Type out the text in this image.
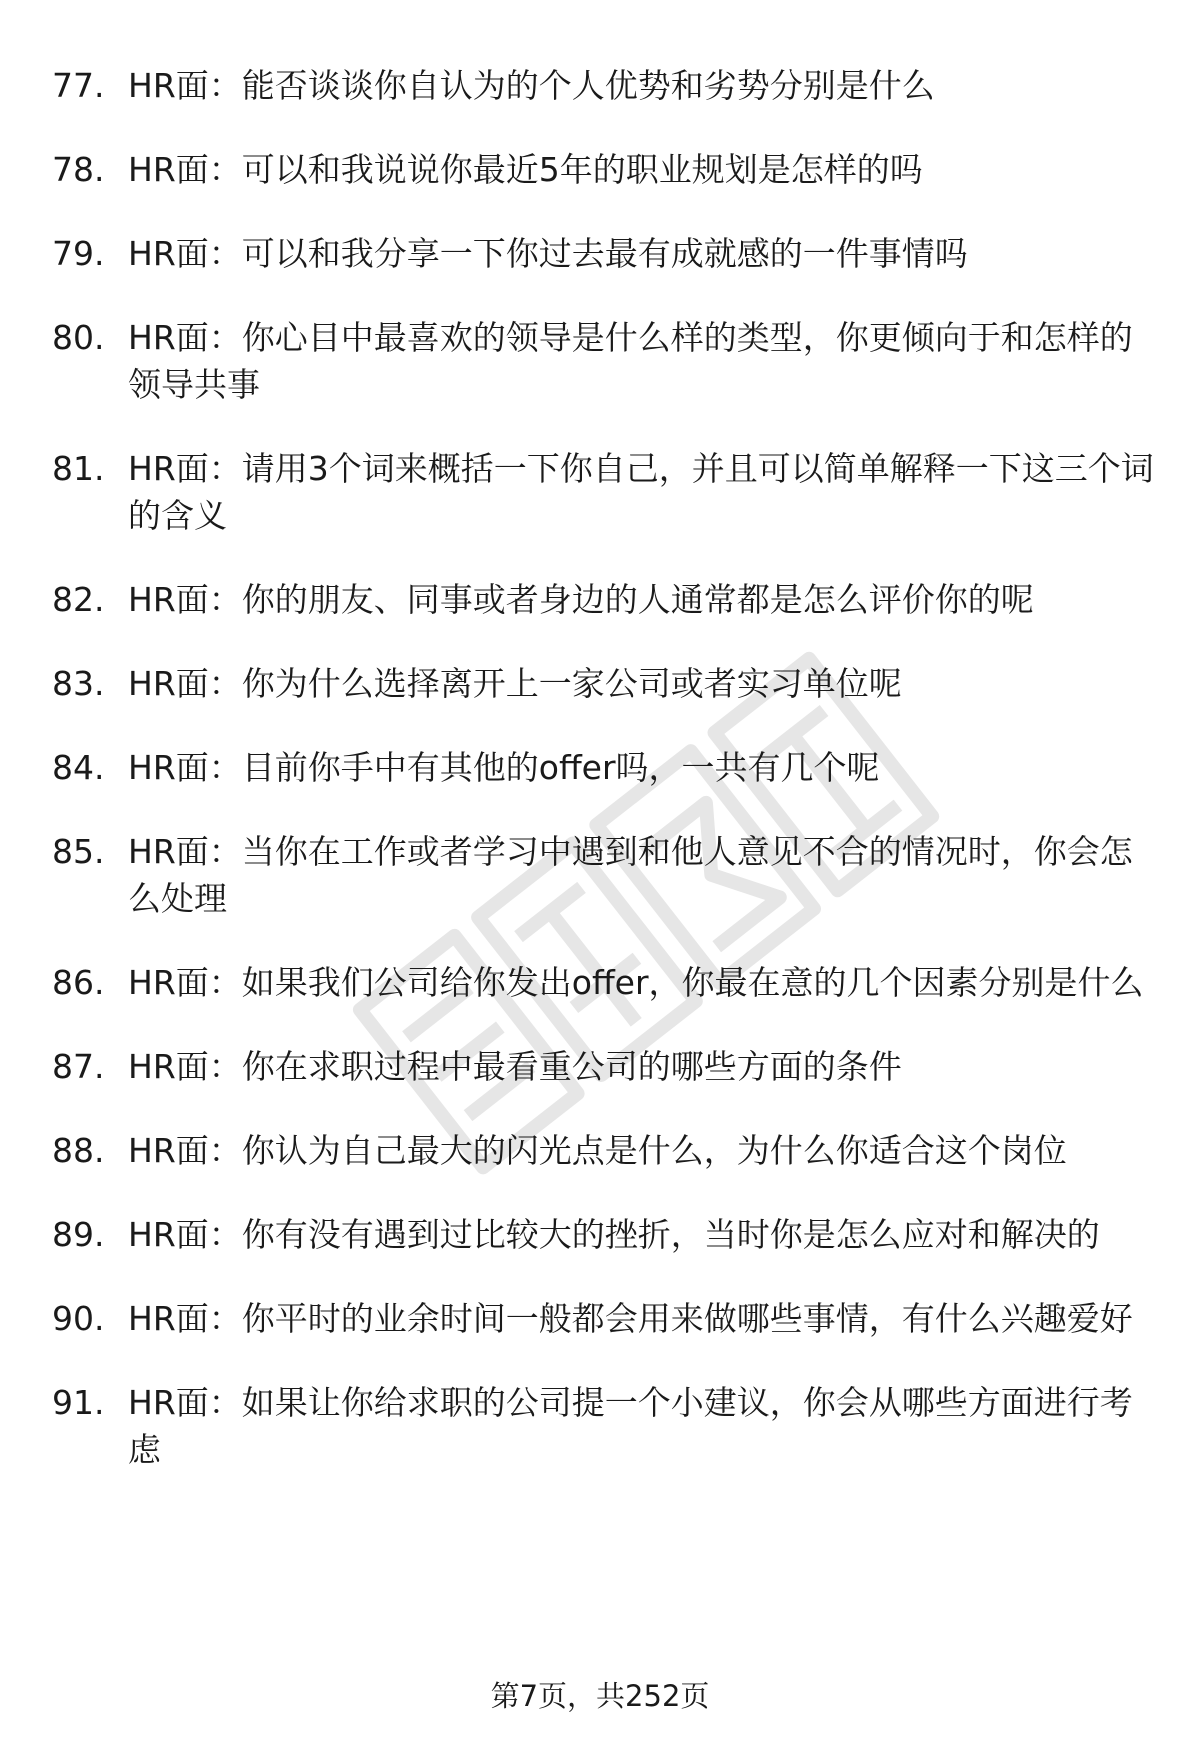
77. HR面：能否谈谈你自认为的个人优势和劣势分别是什么
78. HR面：可以和我说说你最近5年的职业规划是怎样的吗
79. HR面：可以和我分享一下你过去最有成就感的一件事情吗
80. HR面：你心目中最喜欢的领导是什么样的类型，你更倾向于和怎样的领导共事
81. HR面：请用3个词来概括一下你自己，并且可以简单解释一下这三个词的含义
82. HR面：你的朋友、同事或者身边的人通常都是怎么评价你的呢
83. HR面：你为什么选择离开上一家公司或者实习单位呢
84. HR面：目前你手中有其他的offer吗，一共有几个呢
85. HR面：当你在工作或者学习中遇到和他人意见不合的情况时，你会怎么处理
86. HR面：如果我们公司给你发出offer，你最在意的几个因素分别是什么
87. HR面：你在求职过程中最看重公司的哪些方面的条件
88. HR面：你认为自己最大的闪光点是什么，为什么你适合这个岗位
89. HR面：你有没有遇到过比较大的挫折，当时你是怎么应对和解决的
90. HR面：你平时的业余时间一般都会用来做哪些事情，有什么兴趣爱好
91. HR面：如果让你给求职的公司提一个小建议，你会从哪些方面进行考虑
第7页，共252页
